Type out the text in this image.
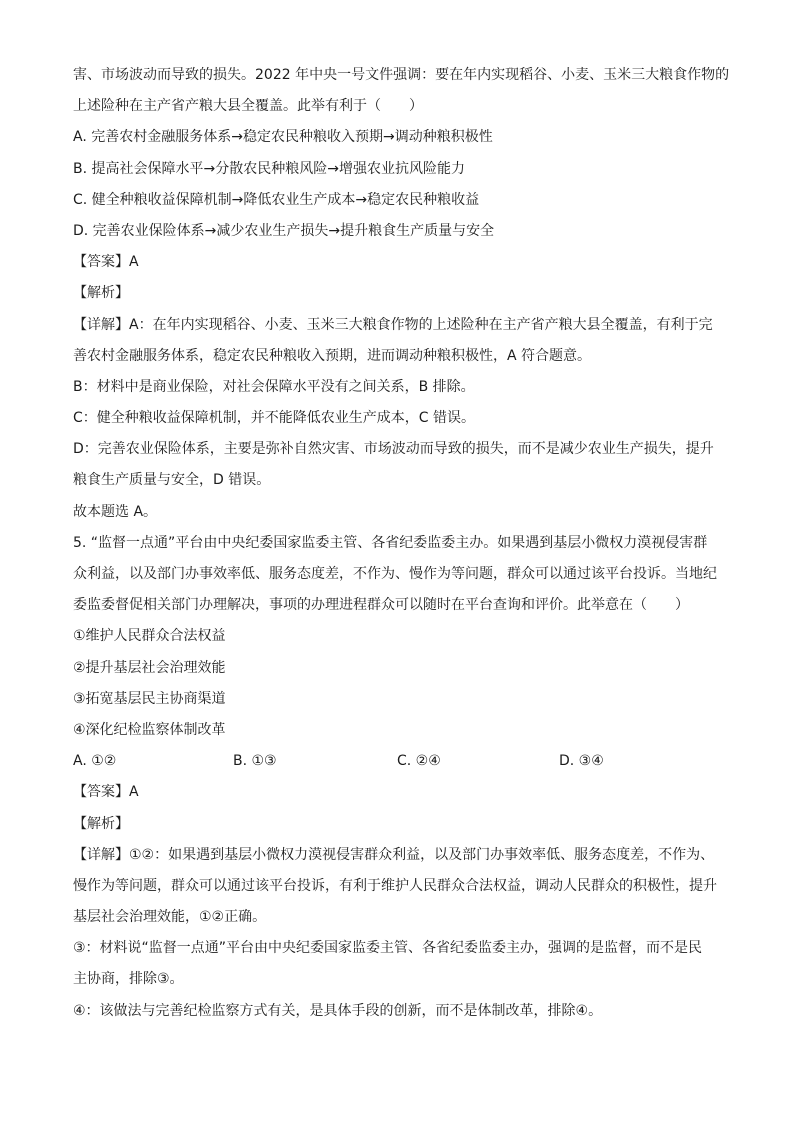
害、市场波动而导致的损失。2022 年中央一号文件强调：要在年内实现稻谷、小麦、玉米三大粮食作物的
上述险种在主产省产粮大县全覆盖。此举有利于（　　）
A. 完善农村金融服务体系→稳定农民种粮收入预期→调动种粮积极性
B. 提高社会保障水平→分散农民种粮风险→增强农业抗风险能力
C. 健全种粮收益保障机制→降低农业生产成本→稳定农民种粮收益
D. 完善农业保险体系→减少农业生产损失→提升粮食生产质量与安全
【答案】A
【解析】
【详解】A：在年内实现稻谷、小麦、玉米三大粮食作物的上述险种在主产省产粮大县全覆盖，有利于完
善农村金融服务体系，稳定农民种粮收入预期，进而调动种粮积极性，A 符合题意。
B：材料中是商业保险，对社会保障水平没有之间关系，B 排除。
C：健全种粮收益保障机制，并不能降低农业生产成本，C 错误。
D：完善农业保险体系，主要是弥补自然灾害、市场波动而导致的损失，而不是减少农业生产损失，提升
粮食生产质量与安全，D 错误。
故本题选 A。
5. “监督一点通”平台由中央纪委国家监委主管、各省纪委监委主办。如果遇到基层小微权力漠视侵害群
众利益，以及部门办事效率低、服务态度差，不作为、慢作为等问题，群众可以通过该平台投诉。当地纪
委监委督促相关部门办理解决，事项的办理进程群众可以随时在平台查询和评价。此举意在（　　）
①维护人民群众合法权益
②提升基层社会治理效能
③拓宽基层民主协商渠道
④深化纪检监察体制改革
A. ①②	B. ①③	C. ②④	D. ③④
【答案】A
【解析】
【详解】①②：如果遇到基层小微权力漠视侵害群众利益，以及部门办事效率低、服务态度差，不作为、
慢作为等问题，群众可以通过该平台投诉，有利于维护人民群众合法权益，调动人民群众的积极性，提升
基层社会治理效能，①②正确。
③：材料说“监督一点通”平台由中央纪委国家监委主管、各省纪委监委主办，强调的是监督，而不是民
主协商，排除③。
④：该做法与完善纪检监察方式有关，是具体手段的创新，而不是体制改革，排除④。
